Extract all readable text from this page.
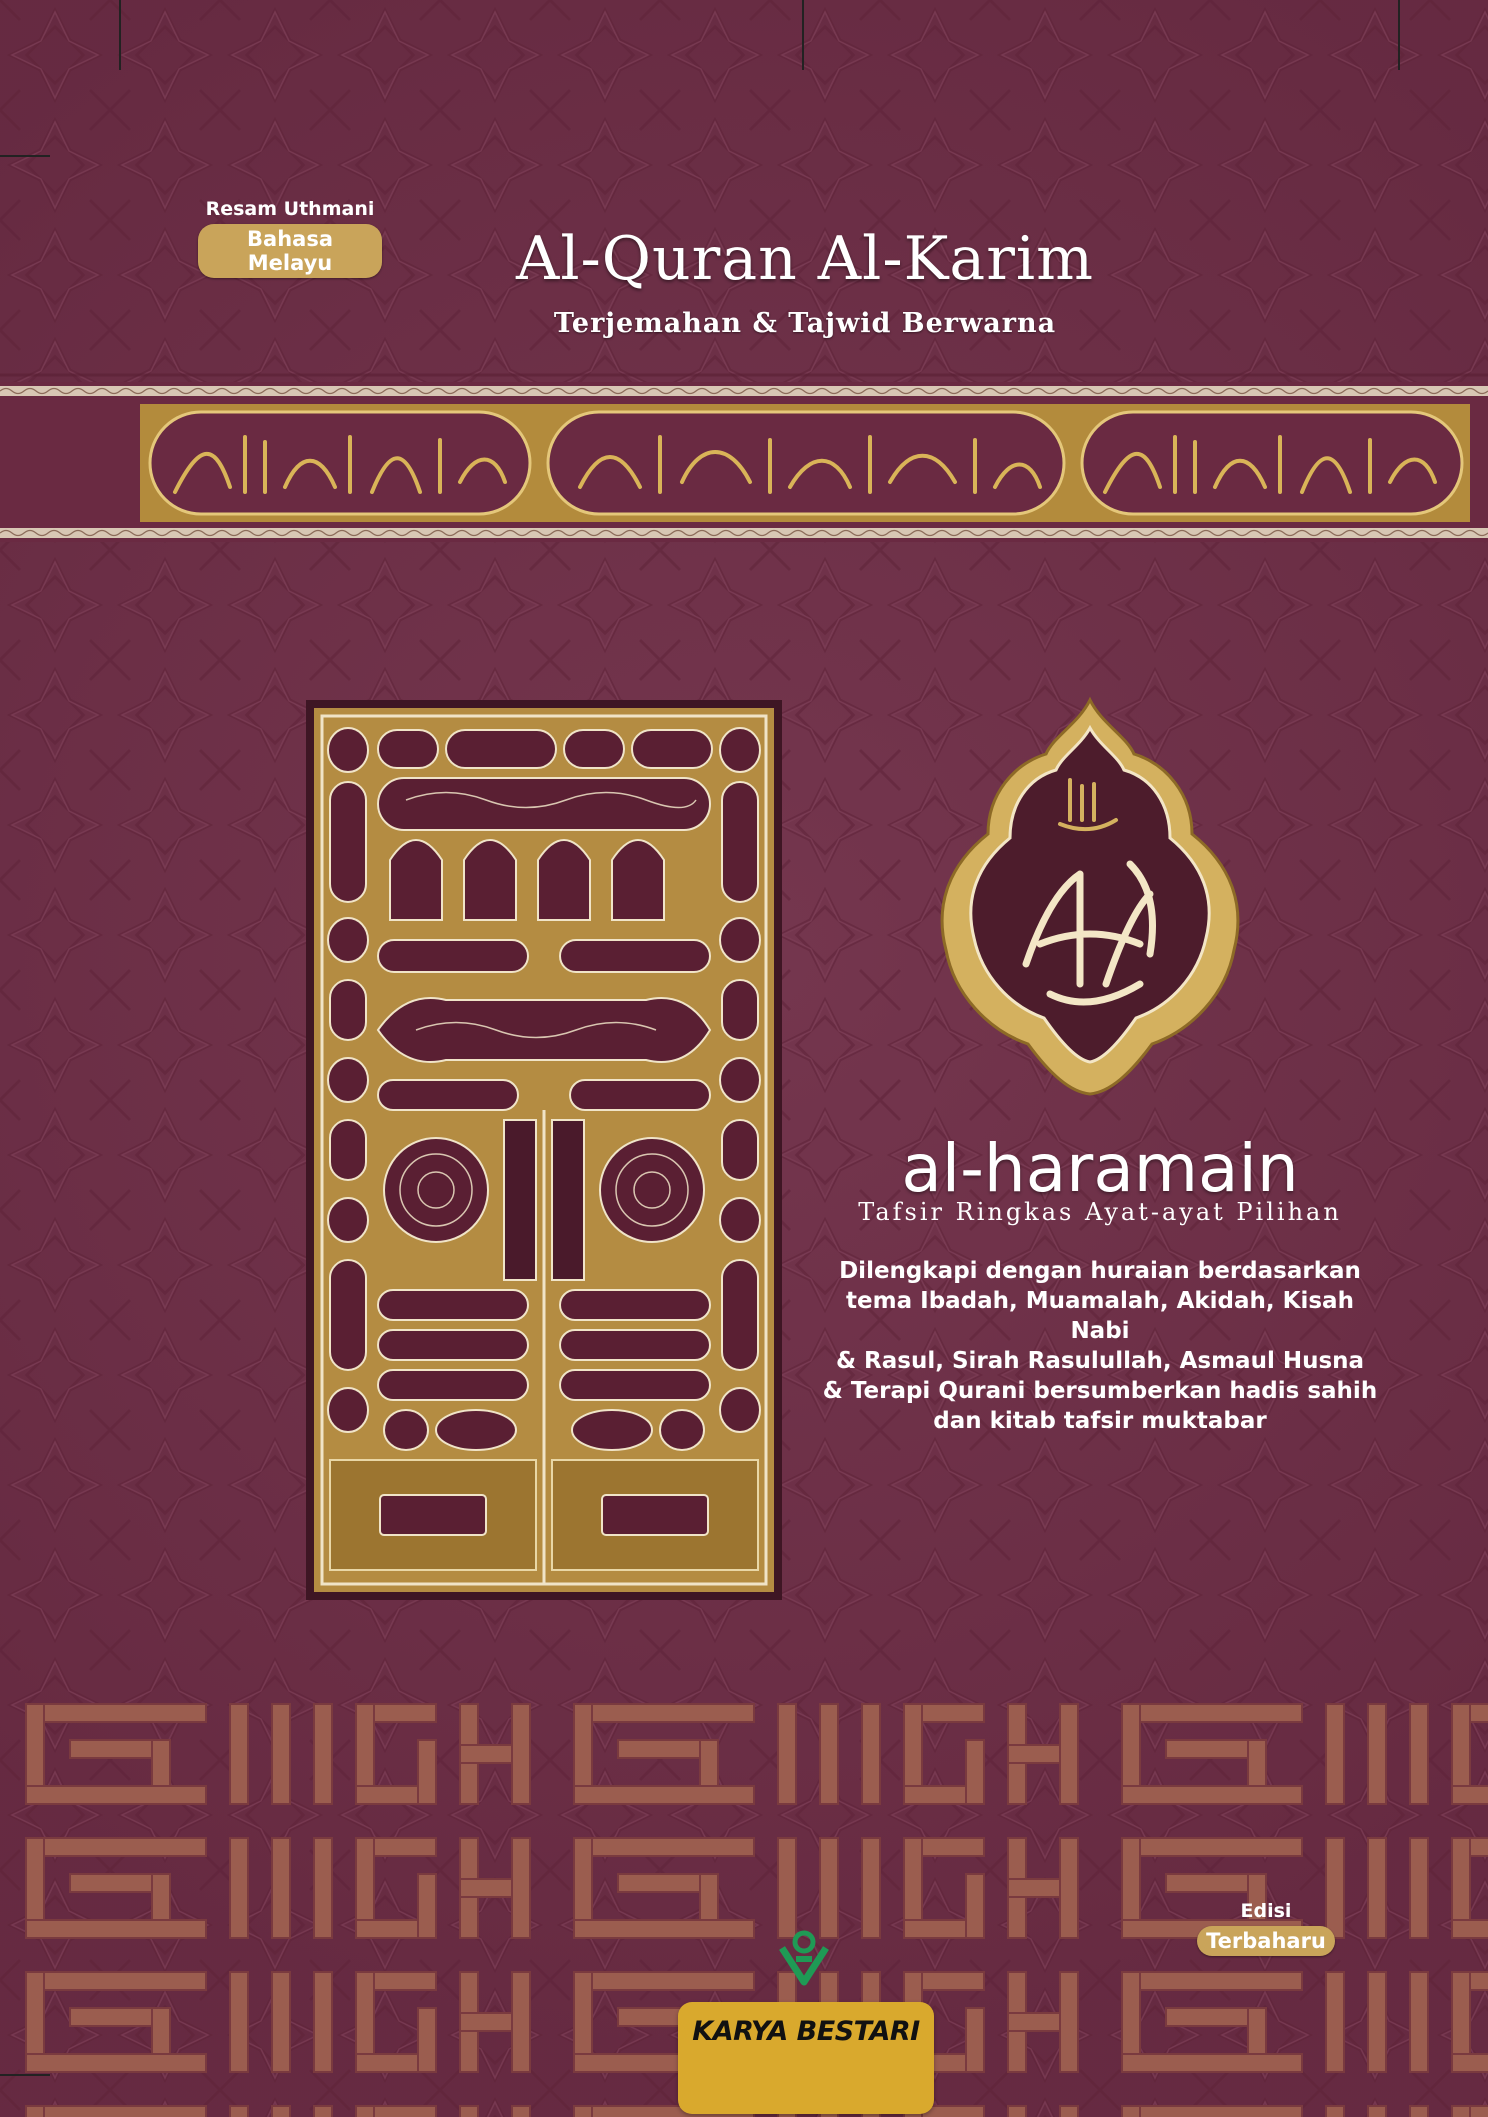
Resam Uthmani
Bahasa Melayu	Al-Quran Al-Karim
Terjemahan & Tajwid Berwarna
al-haramain
Tafsir Ringkas Ayat-ayat Pilihan
Dilengkapi dengan huraian berdasarkan
tema Ibadah, Muamalah, Akidah, Kisah Nabi
& Rasul, Sirah Rasulullah, Asmaul Husna
& Terapi Qurani bersumberkan hadis sahih
dan kitab tafsir muktabar
Edisi
Terbaharu
KARYA BESTARI
